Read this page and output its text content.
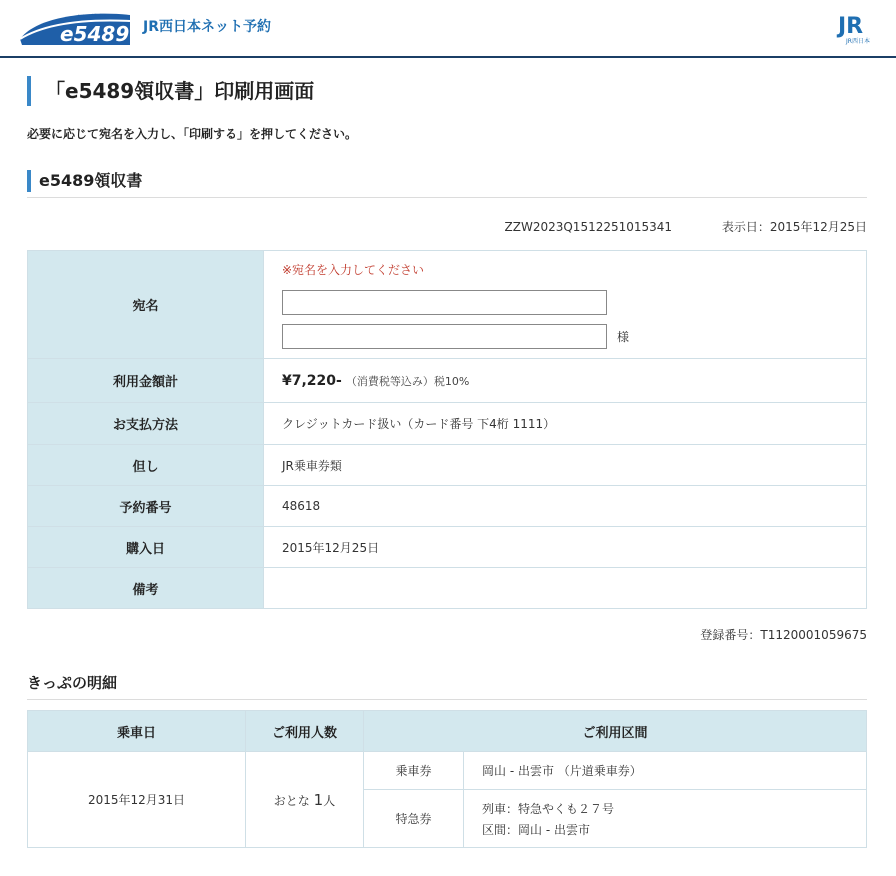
e5489
いいごよやく
JR西日本ネット予約	JR
JR西日本
「e5489領収書」印刷用画面

必要に応じて宛名を入力し、「印刷する」を押してください。

e5489領収書
ZZW2023Q1512251015341	表示日：2015年12月25日
宛名	※宛名を入力してください
様

利用金額計	¥7,220- （消費税等込み）税10%
お支払方法	クレジットカード扱い（カード番号 下4桁 1111）
但し	JR乗車券類
予約番号	48618
購入日	2015年12月25日
備考	
登録番号：T1120001059675
きっぷの明細
乗車日	ご利用人数	ご利用区間	
2015年12月31日	おとな 1人	乗車券	岡山 - 出雲市 （片道乗車券）

		特急券	列車：特急やくも２７号
区間：岡山 - 出雲市
